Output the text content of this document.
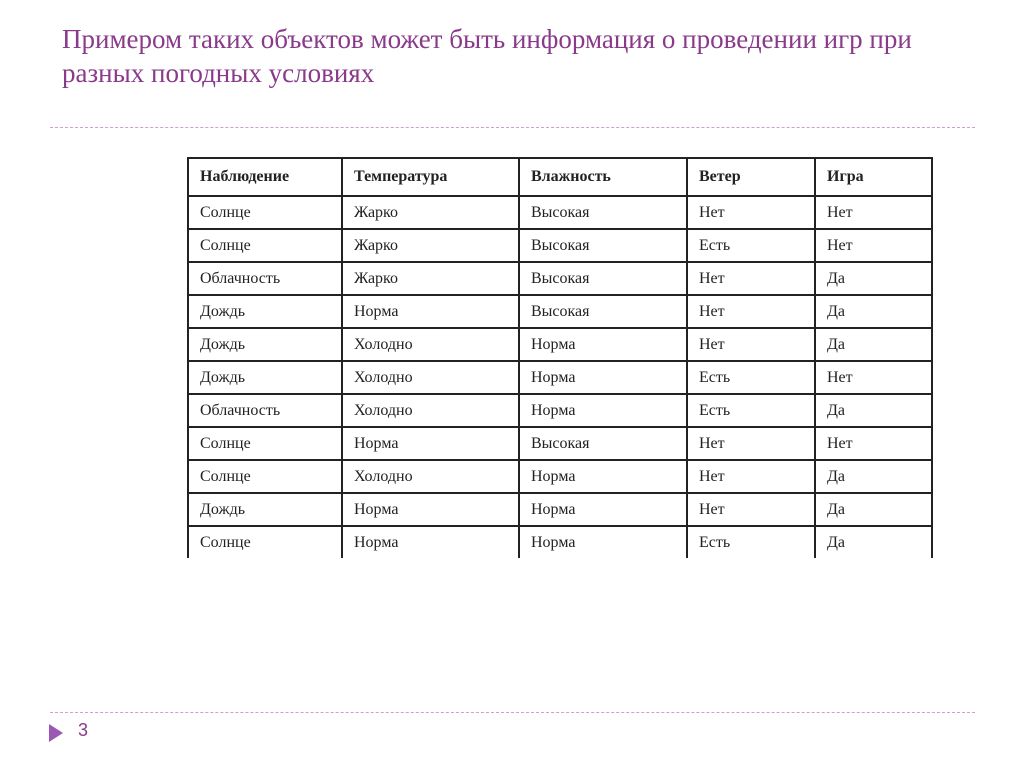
Примером таких объектов может быть информация о проведении игр при разных погодных условиях
Наблюдение	Температура	Влажность	Ветер	Игра
Солнце	Жарко	Высокая	Нет	Нет
Солнце	Жарко	Высокая	Есть	Нет
Облачность	Жарко	Высокая	Нет	Да
Дождь	Норма	Высокая	Нет	Да
Дождь	Холодно	Норма	Нет	Да
Дождь	Холодно	Норма	Есть	Нет
Облачность	Холодно	Норма	Есть	Да
Солнце	Норма	Высокая	Нет	Нет
Солнце	Холодно	Норма	Нет	Да
Дождь	Норма	Норма	Нет	Да
Солнце	Норма	Норма	Есть	Да
3
